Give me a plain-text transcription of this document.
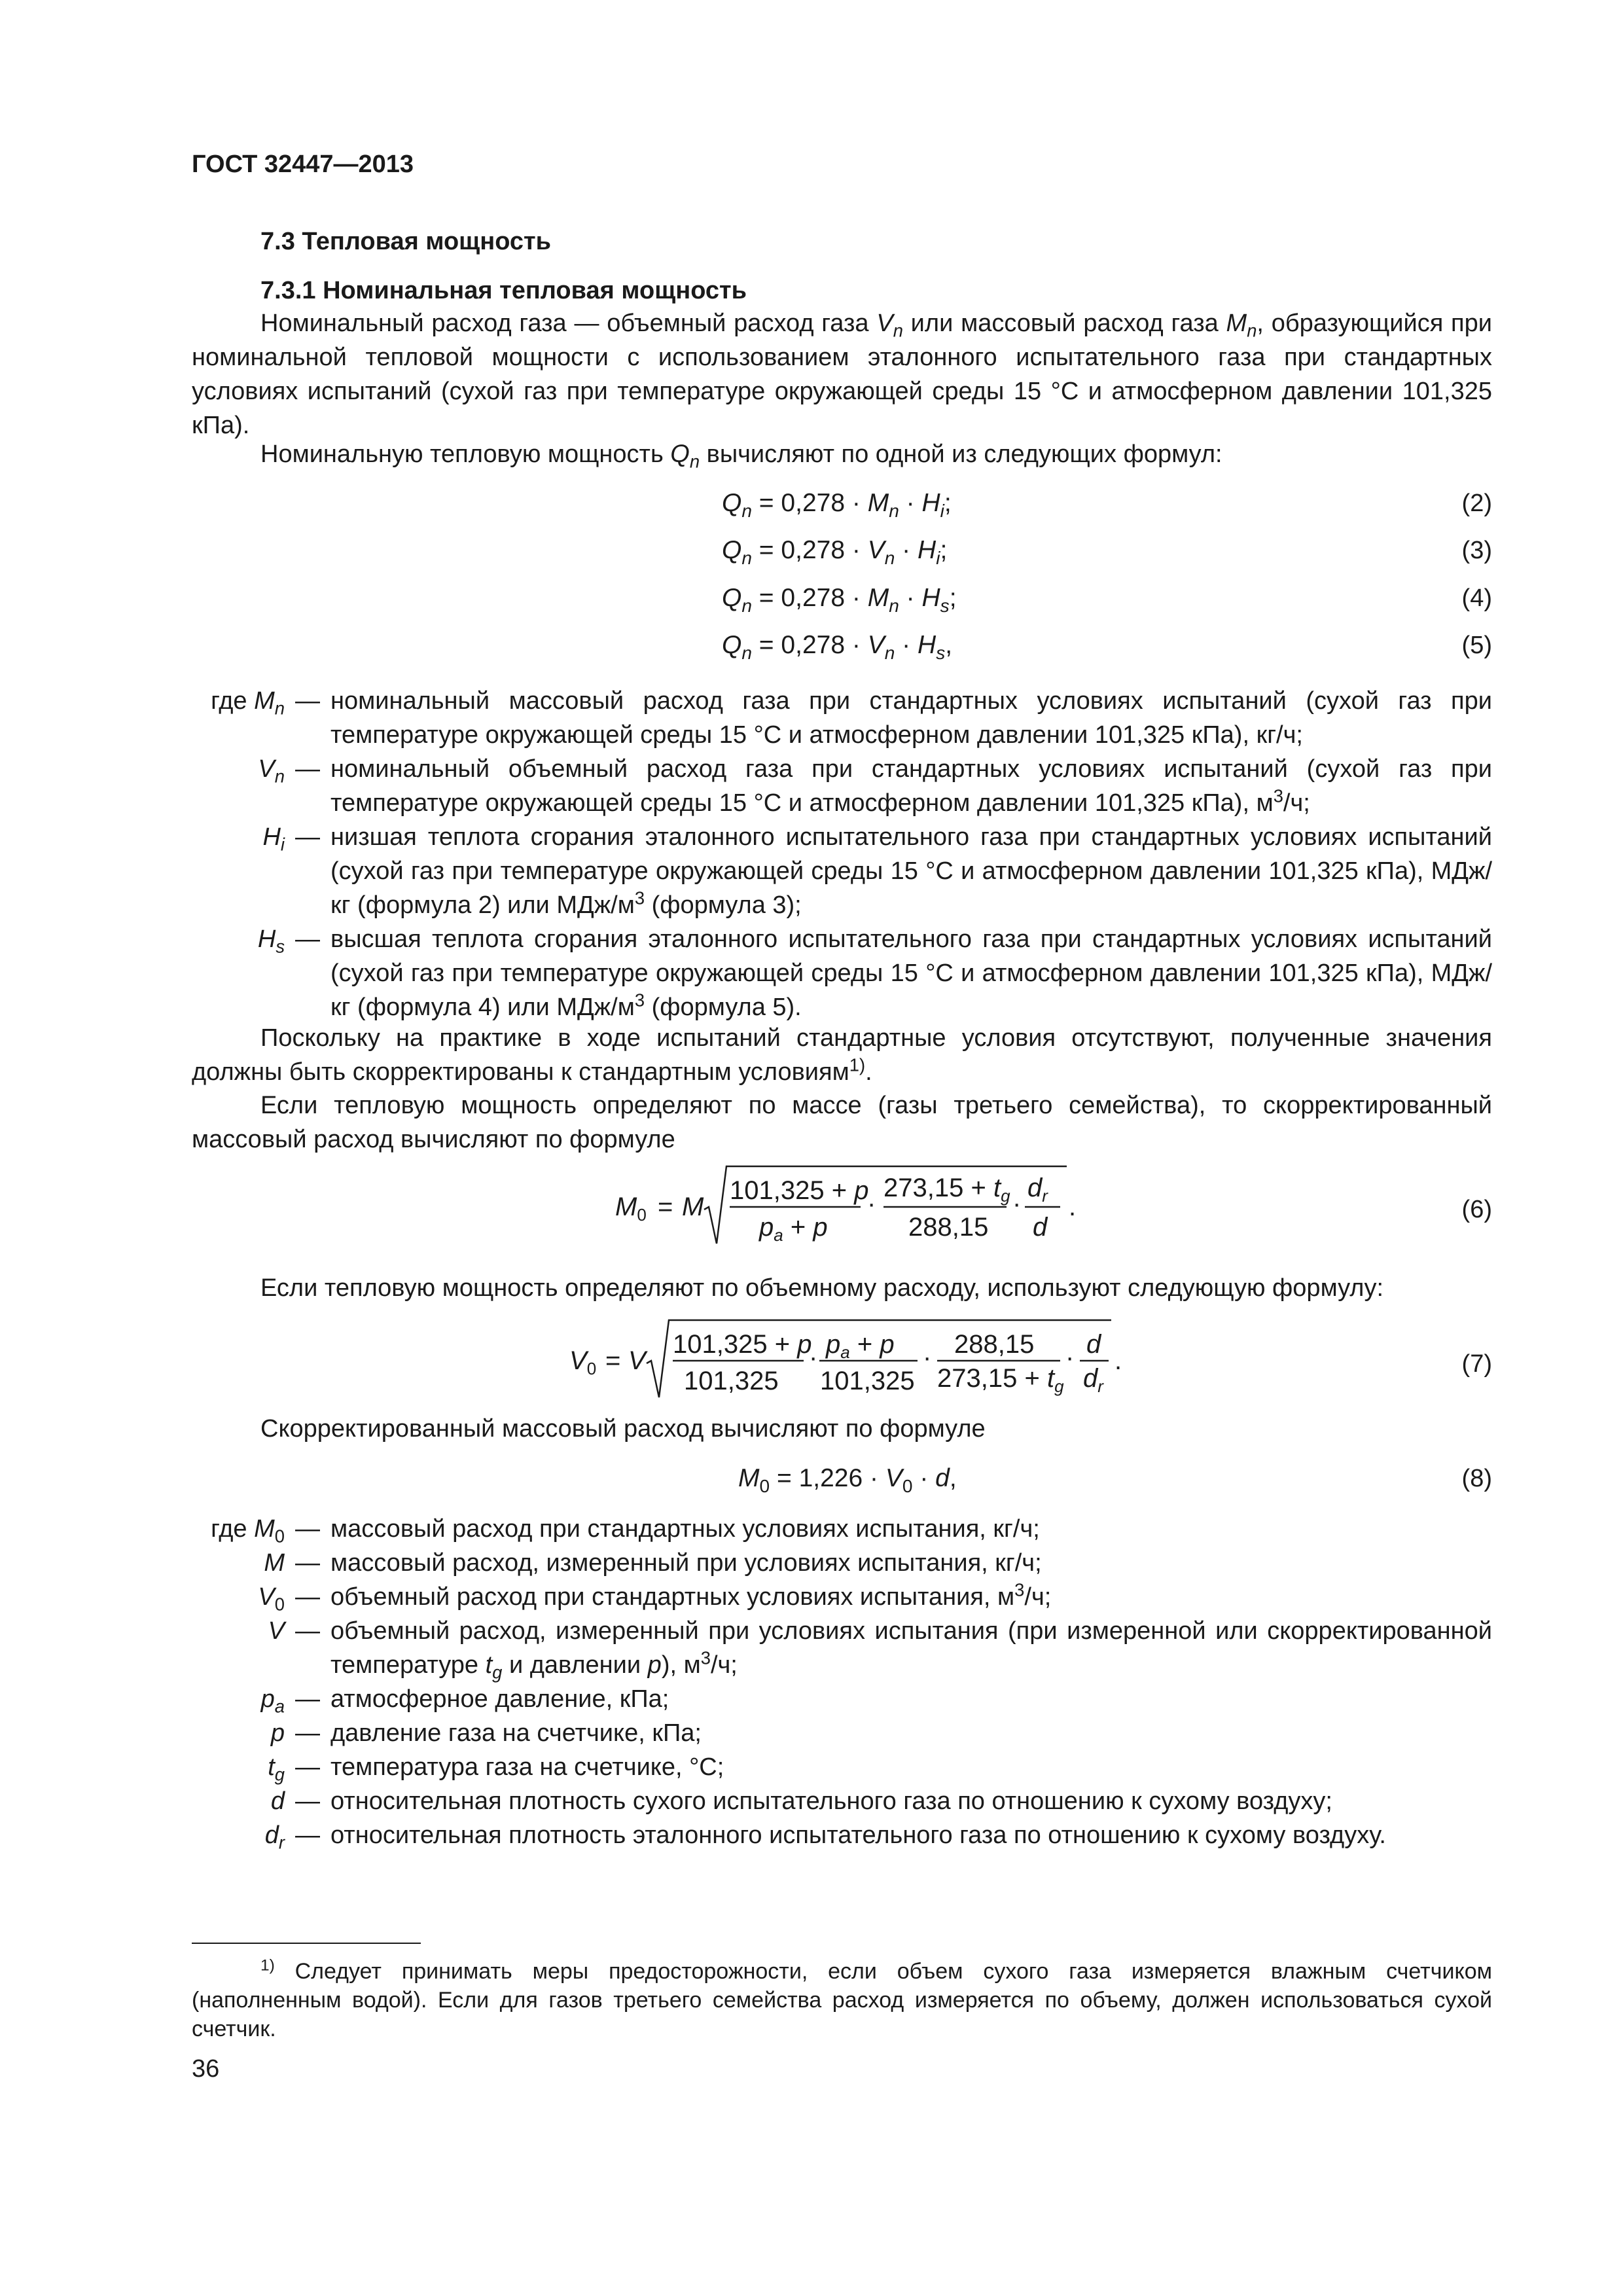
ГОСТ 32447—2013
7.3 Тепловая мощность
7.3.1 Номинальная тепловая мощность
Номинальный расход газа — объемный расход газа $V_n$ или массовый расход газа $M_n$, образующийся при номинальной тепловой мощности с использованием эталонного испытательного газа при стандартных условиях испытаний (сухой газ при температуре окружающей среды 15 °С и атмосферном давлении 101,325 кПа).
Номинальную тепловую мощность $Q_n$ вычисляют по одной из следующих формул:
$Q_n = 0,278 \cdot M_n \cdot H_i$;	(2)
$Q_n = 0,278 \cdot V_n \cdot H_i$;	(3)
$Q_n = 0,278 \cdot M_n \cdot H_s$;	(4)
$Q_n = 0,278 \cdot V_n \cdot H_s$,	(5)
где $M_n$ — номинальный массовый расход газа при стандартных условиях испытаний (сухой газ при температуре окружающей среды 15 °С и атмосферном давлении 101,325 кПа), кг/ч;
$V_n$ — номинальный объемный расход газа при стандартных условиях испытаний (сухой газ при температуре окружающей среды 15 °С и атмосферном давлении 101,325 кПа), $м^3/ч$;
$H_i$ — низшая теплота сгорания эталонного испытательного газа при стандартных условиях испытаний (сухой газ при температуре окружающей среды 15 °С и атмосферном давлении 101,325 кПа), МДж/кг (формула 2) или МДж/$м^3$ (формула 3);
$H_s$ — высшая теплота сгорания эталонного испытательного газа при стандартных условиях испытаний (сухой газ при температуре окружающей среды 15 °С и атмосферном давлении 101,325 кПа), МДж/кг (формула 4) или МДж/$м^3$ (формула 5).
Поскольку на практике в ходе испытаний стандартные условия отсутствуют, полученные значения должны быть скорректированы к стандартным условиям$^{1)}$.
Если тепловую мощность определяют по массе (газы третьего семейства), то скорректированный массовый расход вычисляют по формуле
$M_0 = M$
101,325 + p
$p_a + p$
·
$273,15 + t_g$
288,15
·
$d_r$
d
.	(6)
Если тепловую мощность определяют по объемному расходу, используют следующую формулу:
$V_0 = V$
101,325 + p
101,325
· $p_a + p$
101,325
· 288,15
$273,15 + t_g$
· d
$d_r$
.	(7)
Скорректированный массовый расход вычисляют по формуле
$M_0 = 1,226 \cdot V_0 \cdot d$,	(8)
где $M_0$ — массовый расход при стандартных условиях испытания, кг/ч;
M — массовый расход, измеренный при условиях испытания, кг/ч;
$V_0$ — объемный расход при стандартных условиях испытания, $м^3/ч$;
V — объемный расход, измеренный при условиях испытания (при измеренной или скорректированной температуре $t_g$ и давлении p), $м^3/ч$;
$p_a$ — атмосферное давление, кПа;
p — давление газа на счетчике, кПа;
$t_g$ — температура газа на счетчике, °С;
d — относительная плотность сухого испытательного газа по отношению к сухому воздуху;
$d_r$ — относительная плотность эталонного испытательного газа по отношению к сухому воздуху.
$^{1)}$ Следует принимать меры предосторожности, если объем сухого газа измеряется влажным счетчиком (наполненным водой). Если для газов третьего семейства расход измеряется по объему, должен использоваться сухой счетчик.
36
